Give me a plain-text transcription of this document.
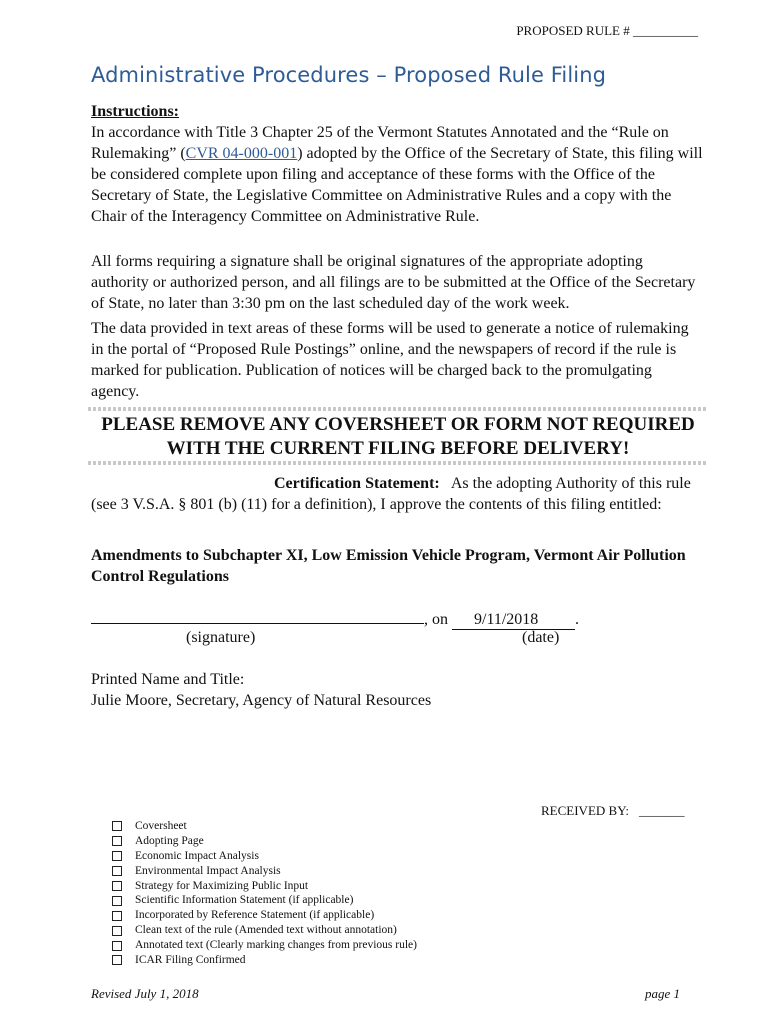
PROPOSED RULE # __________
Administrative Procedures – Proposed Rule Filing
Instructions:

In accordance with Title 3 Chapter 25 of the Vermont Statutes Annotated and the “Rule on Rulemaking” (CVR 04-000-001) adopted by the Office of the Secretary of State, this filing will be considered complete upon filing and acceptance of these forms with the Office of the Secretary of State, the Legislative Committee on Administrative Rules and a copy with the Chair of the Interagency Committee on Administrative Rule.

All forms requiring a signature shall be original signatures of the appropriate adopting authority or authorized person, and all filings are to be submitted at the Office of the Secretary of State, no later than 3:30 pm on the last scheduled day of the work week.

The data provided in text areas of these forms will be used to generate a notice of rulemaking in the portal of “Proposed Rule Postings” online, and the newspapers of record if the rule is marked for publication. Publication of notices will be charged back to the promulgating agency.

PLEASE REMOVE ANY COVERSHEET OR FORM NOT REQUIRED WITH THE CURRENT FILING BEFORE DELIVERY!
Certification Statement: As the adopting Authority of this rule (see 3 V.S.A. § 801 (b) (11) for a definition), I approve the contents of this filing entitled:
Amendments to Subchapter XI, Low Emission Vehicle Program, Vermont Air Pollution Control Regulations
, on 9/11/2018 .
(signature)	(date)
Printed Name and Title:
Julie Moore, Secretary, Agency of Natural Resources
RECEIVED BY: _______
Coversheet
Adopting Page
Economic Impact Analysis
Environmental Impact Analysis
Strategy for Maximizing Public Input
Scientific Information Statement (if applicable)
Incorporated by Reference Statement (if applicable)
Clean text of the rule (Amended text without annotation)
Annotated text (Clearly marking changes from previous rule)
ICAR Filing Confirmed
Revised July 1, 2018	page 1
